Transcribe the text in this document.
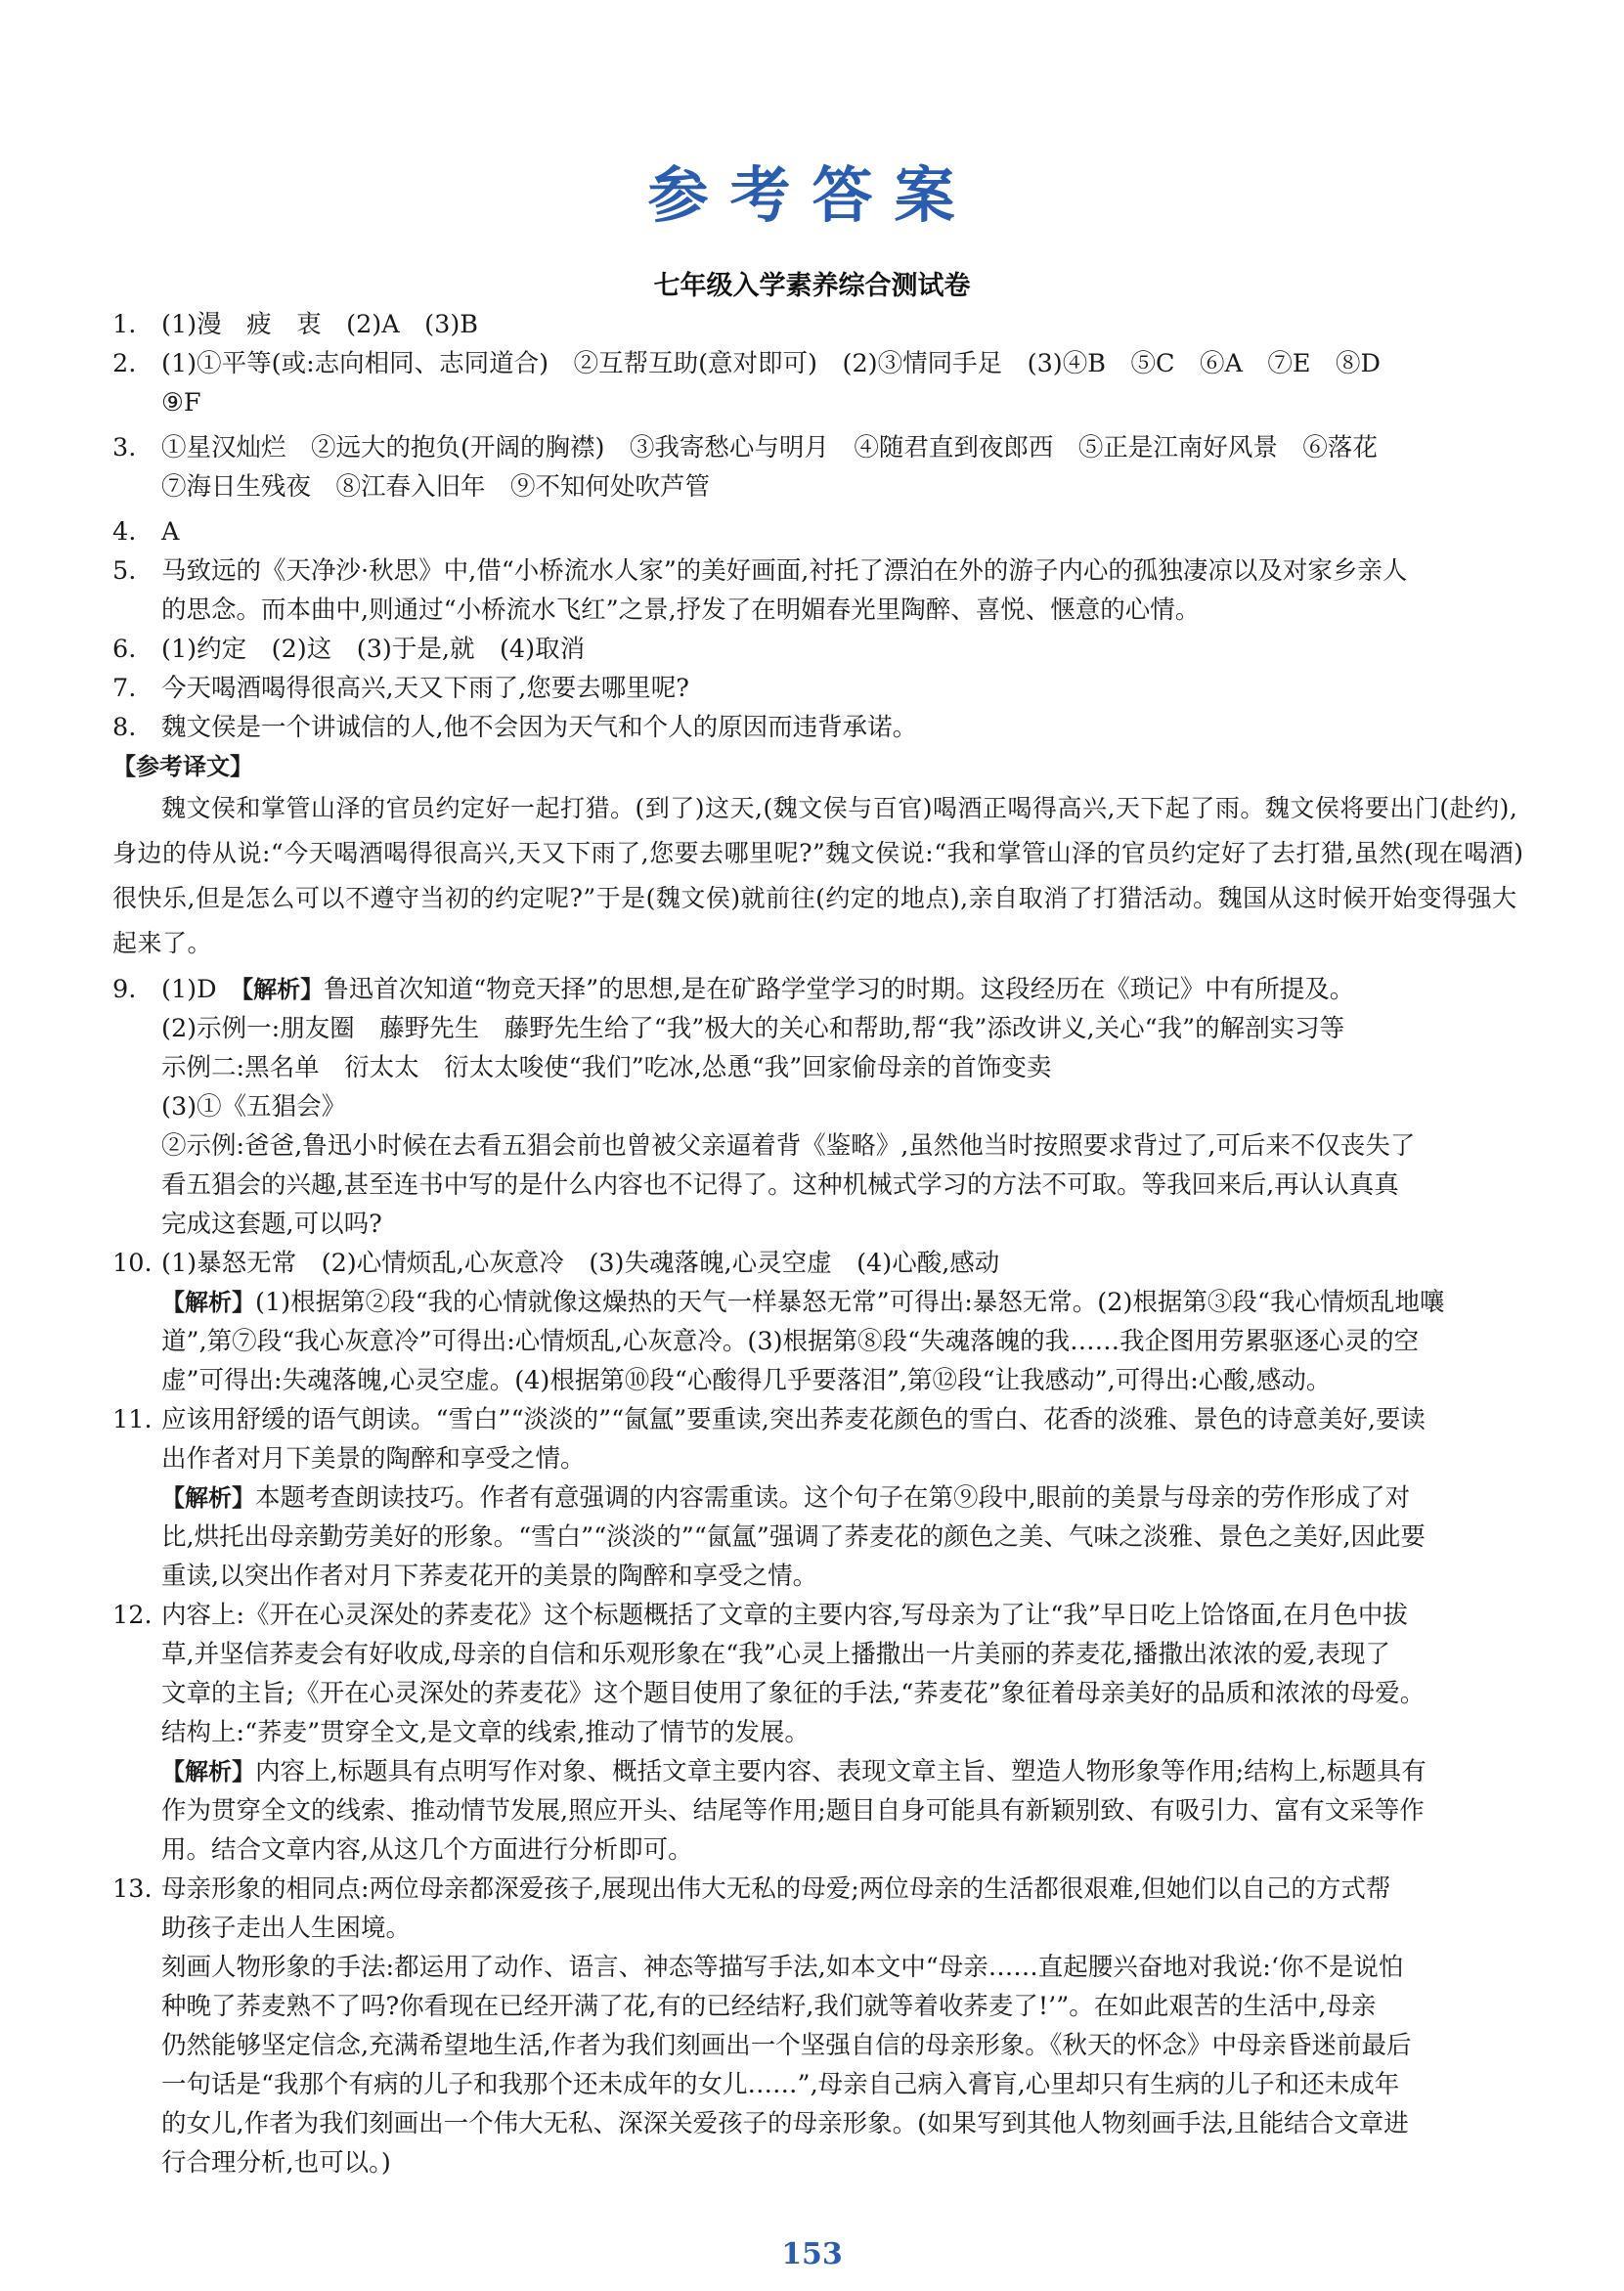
参考答案
七年级入学素养综合测试卷
1.	(1)漫　疲　衷　(2)A　(3)B
2.	(1)①平等(或:志向相同、志同道合)　②互帮互助(意对即可)　(2)③情同手足　(3)④B　⑤C　⑥A　⑦E　⑧D
⑨F
3.	①星汉灿烂　②远大的抱负(开阔的胸襟)　③我寄愁心与明月　④随君直到夜郎西　⑤正是江南好风景　⑥落花
⑦海日生残夜　⑧江春入旧年　⑨不知何处吹芦管
4.	A
5.	马致远的《天净沙·秋思》中,借“小桥流水人家”的美好画面,衬托了漂泊在外的游子内心的孤独凄凉以及对家乡亲人
的思念。而本曲中,则通过“小桥流水飞红”之景,抒发了在明媚春光里陶醉、喜悦、惬意的心情。
6.	(1)约定　(2)这　(3)于是,就　(4)取消
7.	今天喝酒喝得很高兴,天又下雨了,您要去哪里呢?
8.	魏文侯是一个讲诚信的人,他不会因为天气和个人的原因而违背承诺。
【参考译文】
魏文侯和掌管山泽的官员约定好一起打猎。(到了)这天,(魏文侯与百官)喝酒正喝得高兴,天下起了雨。魏文侯将要出门(赴约),身边的侍从说:“今天喝酒喝得很高兴,天又下雨了,您要去哪里呢?”魏文侯说:“我和掌管山泽的官员约定好了去打猎,虽然(现在喝酒)很快乐,但是怎么可以不遵守当初的约定呢?”于是(魏文侯)就前往(约定的地点),亲自取消了打猎活动。魏国从这时候开始变得强大起来了。
9.	(1)D　【解析】鲁迅首次知道“物竞天择”的思想,是在矿路学堂学习的时期。这段经历在《琐记》中有所提及。
(2)示例一:朋友圈　藤野先生　藤野先生给了“我”极大的关心和帮助,帮“我”添改讲义,关心“我”的解剖实习等
示例二:黑名单　衍太太　衍太太唆使“我们”吃冰,怂恿“我”回家偷母亲的首饰变卖
(3)①《五猖会》
②示例:爸爸,鲁迅小时候在去看五猖会前也曾被父亲逼着背《鉴略》,虽然他当时按照要求背过了,可后来不仅丧失了
看五猖会的兴趣,甚至连书中写的是什么内容也不记得了。这种机械式学习的方法不可取。等我回来后,再认认真真
完成这套题,可以吗?
10. (1)暴怒无常　(2)心情烦乱,心灰意冷　(3)失魂落魄,心灵空虚　(4)心酸,感动
【解析】(1)根据第②段“我的心情就像这燥热的天气一样暴怒无常”可得出:暴怒无常。(2)根据第③段“我心情烦乱地嚷
道”,第⑦段“我心灰意冷”可得出:心情烦乱,心灰意冷。(3)根据第⑧段“失魂落魄的我……我企图用劳累驱逐心灵的空
虚”可得出:失魂落魄,心灵空虚。(4)根据第⑩段“心酸得几乎要落泪”,第⑫段“让我感动”,可得出:心酸,感动。
11. 应该用舒缓的语气朗读。“雪白”“淡淡的”“氤氲”要重读,突出荞麦花颜色的雪白、花香的淡雅、景色的诗意美好,要读
出作者对月下美景的陶醉和享受之情。
【解析】本题考查朗读技巧。作者有意强调的内容需重读。这个句子在第⑨段中,眼前的美景与母亲的劳作形成了对
比,烘托出母亲勤劳美好的形象。“雪白”“淡淡的”“氤氲”强调了荞麦花的颜色之美、气味之淡雅、景色之美好,因此要
重读,以突出作者对月下荞麦花开的美景的陶醉和享受之情。
12. 内容上:《开在心灵深处的荞麦花》这个标题概括了文章的主要内容,写母亲为了让“我”早日吃上饸饹面,在月色中拔
草,并坚信荞麦会有好收成,母亲的自信和乐观形象在“我”心灵上播撒出一片美丽的荞麦花,播撒出浓浓的爱,表现了
文章的主旨;《开在心灵深处的荞麦花》这个题目使用了象征的手法,“荞麦花”象征着母亲美好的品质和浓浓的母爱。
结构上:“荞麦”贯穿全文,是文章的线索,推动了情节的发展。
【解析】内容上,标题具有点明写作对象、概括文章主要内容、表现文章主旨、塑造人物形象等作用;结构上,标题具有
作为贯穿全文的线索、推动情节发展,照应开头、结尾等作用;题目自身可能具有新颖别致、有吸引力、富有文采等作
用。结合文章内容,从这几个方面进行分析即可。
13. 母亲形象的相同点:两位母亲都深爱孩子,展现出伟大无私的母爱;两位母亲的生活都很艰难,但她们以自己的方式帮
助孩子走出人生困境。
刻画人物形象的手法:都运用了动作、语言、神态等描写手法,如本文中“母亲……直起腰兴奋地对我说:‘你不是说怕
种晚了荞麦熟不了吗?你看现在已经开满了花,有的已经结籽,我们就等着收荞麦了!’”。在如此艰苦的生活中,母亲
仍然能够坚定信念,充满希望地生活,作者为我们刻画出一个坚强自信的母亲形象。《秋天的怀念》中母亲昏迷前最后
一句话是“我那个有病的儿子和我那个还未成年的女儿……”,母亲自己病入膏肓,心里却只有生病的儿子和还未成年
的女儿,作者为我们刻画出一个伟大无私、深深关爱孩子的母亲形象。(如果写到其他人物刻画手法,且能结合文章进
行合理分析,也可以。)
153
